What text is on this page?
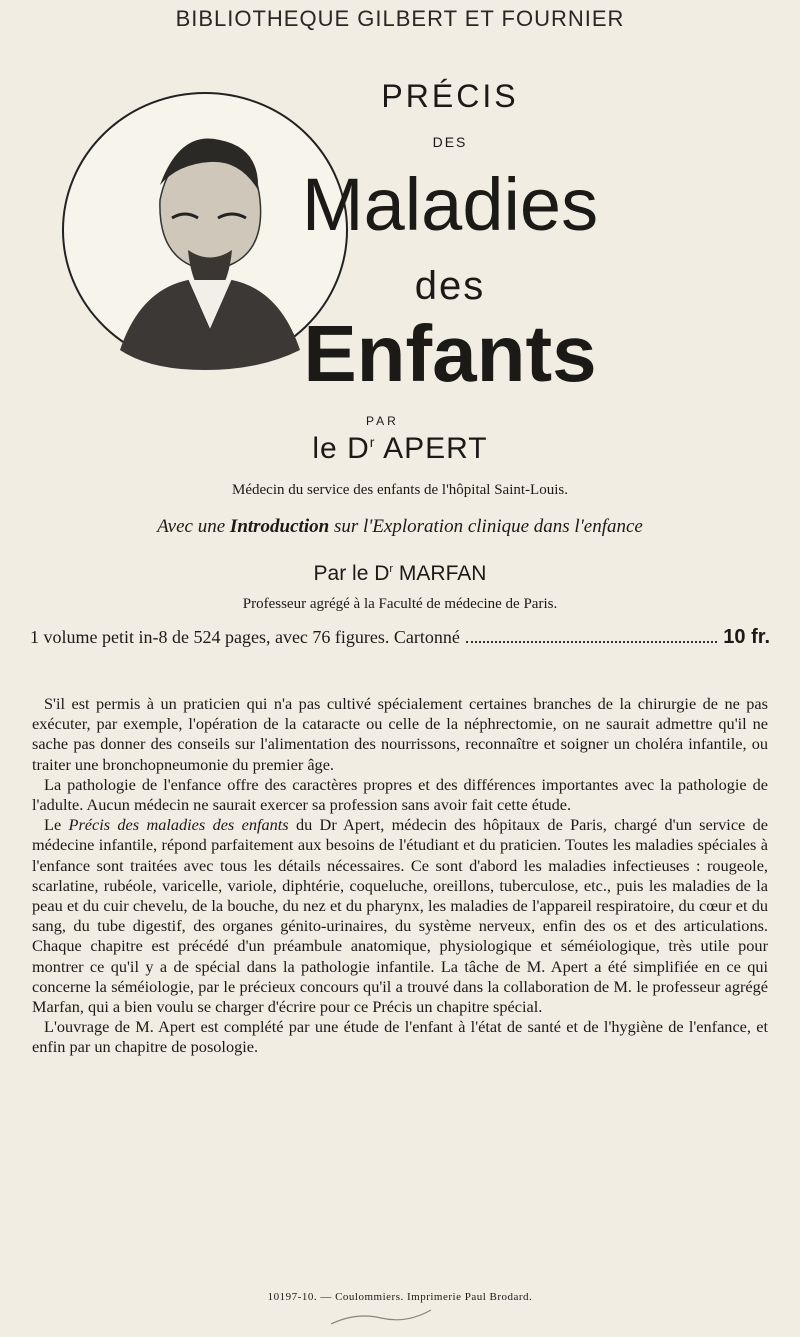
BIBLIOTHEQUE GILBERT ET FOURNIER
PRÉCIS
DES
Maladies
des
Enfants
PAR
le $D^r$ APERT
Médecin du service des enfants de l'hôpital Saint-Louis.
Avec une Introduction sur l'Exploration clinique dans l'enfance
Par le $D^r$ MARFAN
Professeur agrégé à la Faculté de médecine de Paris.
1 volume petit in-8 de 524 pages, avec 76 figures. Cartonné	10 fr.

S'il est permis à un praticien qui n'a pas cultivé spécialement certaines branches de la chirurgie de ne pas exécuter, par exemple, l'opération de la cataracte ou celle de la néphrectomie, on ne saurait admettre qu'il ne sache pas donner des conseils sur l'alimentation des nourrissons, reconnaître et soigner un choléra infantile, ou traiter une bronchopneumonie du premier âge.

La pathologie de l'enfance offre des caractères propres et des différences importantes avec la pathologie de l'adulte. Aucun médecin ne saurait exercer sa profession sans avoir fait cette étude.

Le Précis des maladies des enfants du Dr Apert, médecin des hôpitaux de Paris, chargé d'un service de médecine infantile, répond parfaitement aux besoins de l'étudiant et du praticien. Toutes les maladies spéciales à l'enfance sont traitées avec tous les détails nécessaires. Ce sont d'abord les maladies infectieuses : rougeole, scarlatine, rubéole, varicelle, variole, diphtérie, coqueluche, oreillons, tuberculose, etc., puis les maladies de la peau et du cuir chevelu, de la bouche, du nez et du pharynx, les maladies de l'appareil respiratoire, du cœur et du sang, du tube digestif, des organes génito-urinaires, du système nerveux, enfin des os et des articulations. Chaque chapitre est précédé d'un préambule anatomique, physiologique et séméiologique, très utile pour montrer ce qu'il y a de spécial dans la pathologie infantile. La tâche de M. Apert a été simplifiée en ce qui concerne la séméiologie, par le précieux concours qu'il a trouvé dans la collaboration de M. le professeur agrégé Marfan, qui a bien voulu se charger d'écrire pour ce Précis un chapitre spécial.

L'ouvrage de M. Apert est complété par une étude de l'enfant à l'état de santé et de l'hygiène de l'enfance, et enfin par un chapitre de posologie.

10197-10. — Coulommiers. Imprimerie Paul Brodard.
